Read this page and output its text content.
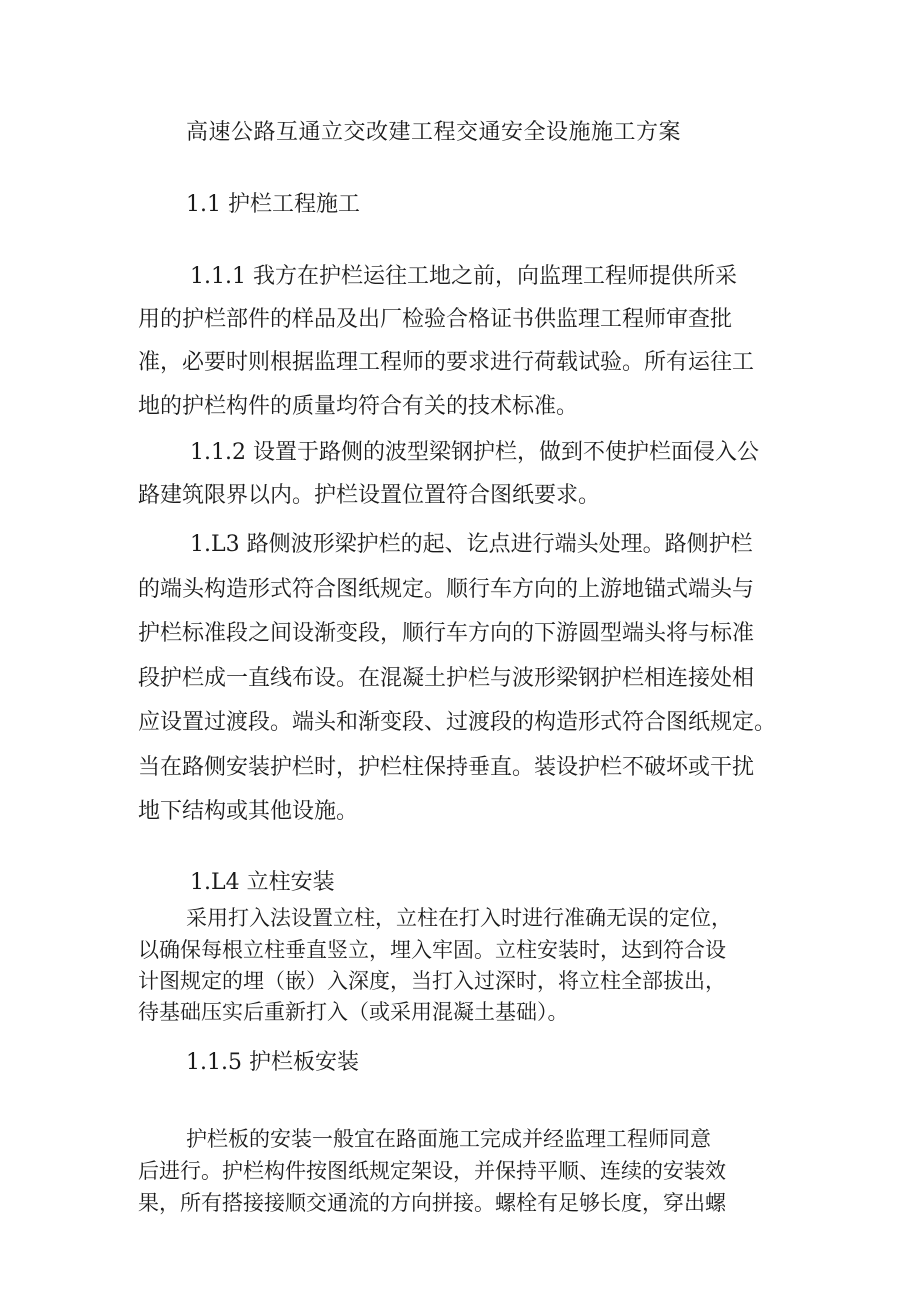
高速公路互通立交改建工程交通安全设施施工方案
1.1 护栏工程施工
1.1.1 我方在护栏运往工地之前，向监理工程师提供所采
用的护栏部件的样品及出厂检验合格证书供监理工程师审查批
准，必要时则根据监理工程师的要求进行荷载试验。所有运往工
地的护栏构件的质量均符合有关的技术标准。
1.1.2 设置于路侧的波型梁钢护栏，做到不使护栏面侵入公
路建筑限界以内。护栏设置位置符合图纸要求。
1.L3 路侧波形梁护栏的起、讫点进行端头处理。路侧护栏
的端头构造形式符合图纸规定。顺行车方向的上游地锚式端头与
护栏标准段之间设渐变段，顺行车方向的下游圆型端头将与标准
段护栏成一直线布设。在混凝土护栏与波形梁钢护栏相连接处相
应设置过渡段。端头和渐变段、过渡段的构造形式符合图纸规定。
当在路侧安装护栏时，护栏柱保持垂直。装设护栏不破坏或干扰
地下结构或其他设施。
1.L4 立柱安装
采用打入法设置立柱，立柱在打入时进行准确无误的定位，
以确保每根立柱垂直竖立，埋入牢固。立柱安装时，达到符合设
计图规定的埋（嵌）入深度，当打入过深时，将立柱全部拔出，
待基础压实后重新打入（或采用混凝土基础）。
1.1.5 护栏板安装
护栏板的安装一般宜在路面施工完成并经监理工程师同意
后进行。护栏构件按图纸规定架设，并保持平顺、连续的安装效
果，所有搭接接顺交通流的方向拼接。螺栓有足够长度，穿出螺
